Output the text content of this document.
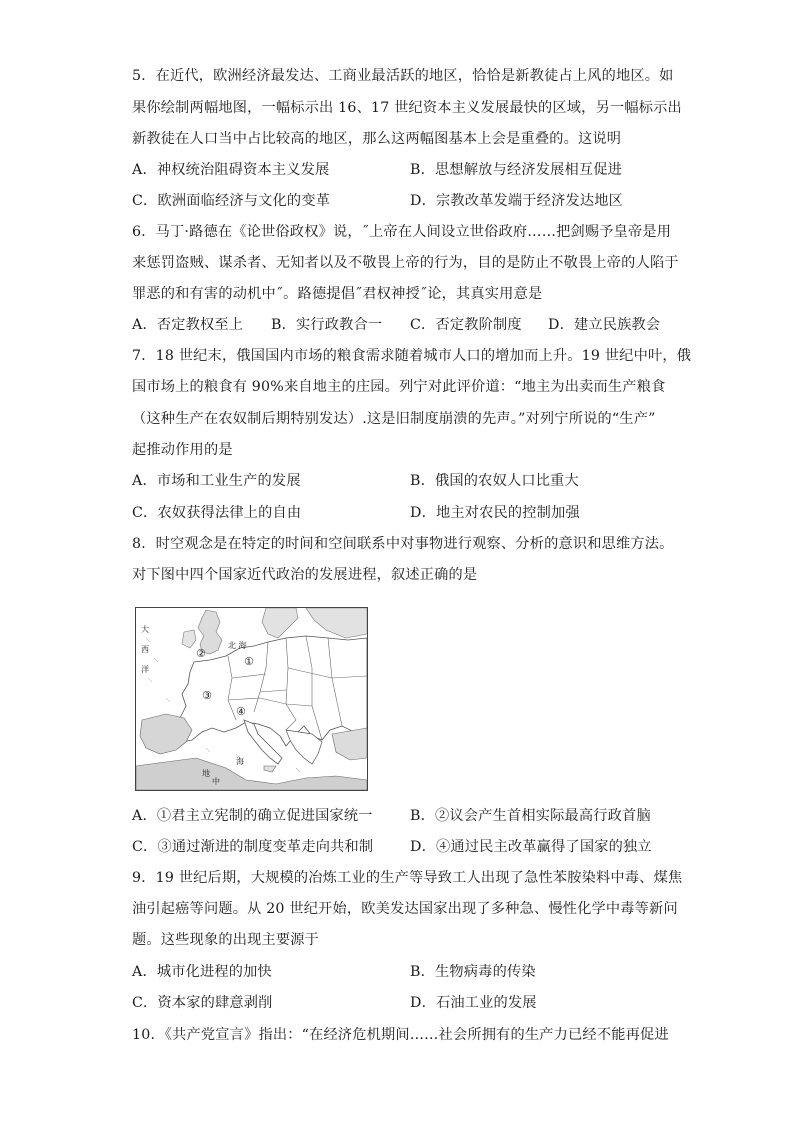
5．在近代，欧洲经济最发达、工商业最活跃的地区，恰恰是新教徒占上风的地区。如
果你绘制两幅地图，一幅标示出 16、17 世纪资本主义发展最快的区域，另一幅标示出
新教徒在人口当中占比较高的地区，那么这两幅图基本上会是重叠的。这说明
A．神权统治阻碍资本主义发展	B．思想解放与经济发展相互促进
C．欧洲面临经济与文化的变革	D．宗教改革发端于经济发达地区
6．马丁·路德在《论世俗政权》说，˝上帝在人间设立世俗政府……把剑赐予皇帝是用
来惩罚盗贼、谋杀者、无知者以及不敬畏上帝的行为，目的是防止不敬畏上帝的人陷于
罪恶的和有害的动机中˝。路德提倡˝君权神授˝论，其真实用意是
A．否定教权至上 B．实行政教合一 C．否定教阶制度 D．建立民族教会
7．18 世纪末，俄国国内市场的粮食需求随着城市人口的增加而上升。19 世纪中叶，俄
国市场上的粮食有 90%来自地主的庄园。列宁对此评价道：“地主为出卖而生产粮食
（这种生产在农奴制后期特别发达）.这是旧制度崩溃的先声。”对列宁所说的“生产”
起推动作用的是
A．市场和工业生产的发展	B．俄国的农奴人口比重大
C．农奴获得法律上的自由	D．地主对农民的控制加强
8．时空观念是在特定的时间和空间联系中对事物进行观察、分析的意识和思维方法。
对下图中四个国家近代政治的发展进程，叙述正确的是
大
西
洋
北 海
地
中
海
①
②
③
④
A．①君主立宪制的确立促进国家统一	B．②议会产生首相实际最高行政首脑
C．③通过渐进的制度变革走向共和制	D．④通过民主改革赢得了国家的独立
9．19 世纪后期，大规模的冶炼工业的生产等导致工人出现了急性苯胺染料中毒、煤焦
油引起癌等问题。从 20 世纪开始，欧美发达国家出现了多种急、慢性化学中毒等新问
题。这些现象的出现主要源于
A．城市化进程的加快	B．生物病毒的传染
C．资本家的肆意剥削	D．石油工业的发展
10．《共产党宣言》指出：“在经济危机期间……社会所拥有的生产力已经不能再促进
